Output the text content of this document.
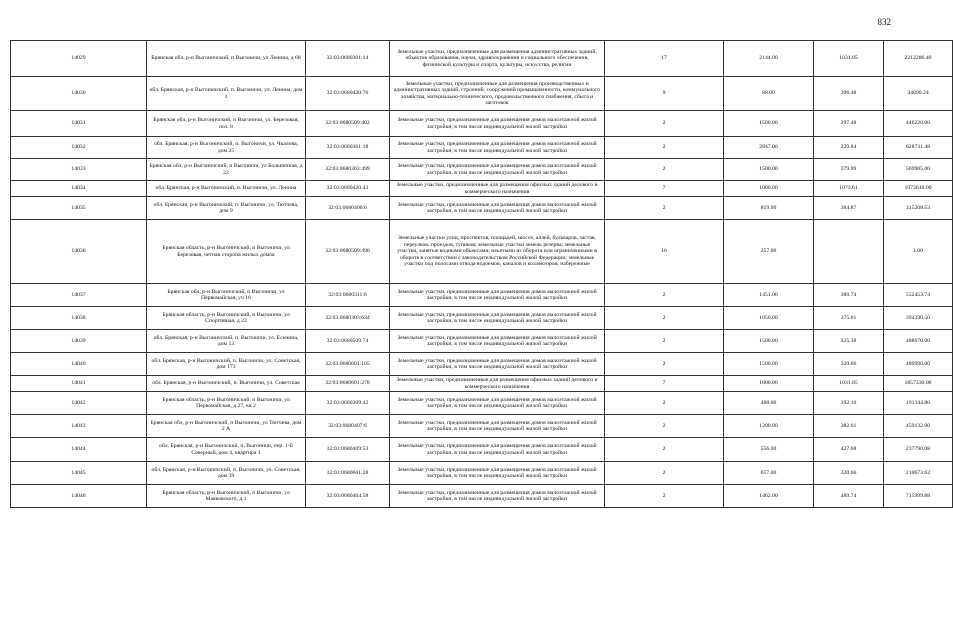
832
14029	Брянская обл, р-н Выгоничский, п Выгоничи, ул Ленина, д 68	32:03:0680301:14	Земельные участки, предназначенные для размещения административных зданий, объектов образования, науки, здравоохранения и социального обеспечения, физической культуры и спорта, культуры, искусства, религии	17	2144.00	1031.85	2212286.40
14030	обл. Брянская, р-н Выгоничский, п. Выгоничи, ул. Ленина, дом 1	32:03:0680420:76	Земельные участки, предназначенные для размещения производственных и административных зданий, строений, сооружений промышленности, коммунального хозяйства, материально-технического, продовольственного снабжения, сбыта и заготовок	9	88.00	396.48	34890.24
14031	Брянская обл, р-н Выгоничский, п Выгоничи, ул. Березовая, поз. 8	32:03:0680509:402	Земельные участки, предназначенные для размещения домов малоэтажной жилой застройки, в том числе индивидуальной жилой застройки	2	1500.00	297.48	446220.00
14032	обл. Брянская, р-н Выгоничский, п. Выгоничи, ул. Чкалова, дом 25	32:03:0680301:18	Земельные участки, предназначенные для размещения домов малоэтажной жилой застройки, в том числе индивидуальной жилой застройки	2	2847.00	220.84	628731.48
14033	Брянская обл, р-н Выгоничский, п Выгоничи, ул Больничная, д 22	32:03:0680303:499	Земельные участки, предназначенные для размещения домов малоэтажной жилой застройки, в том числе индивидуальной жилой застройки	2	1500.00	379.99	569985.00
14034	обл. Брянская, р-н Выгоничский, п. Выгоничи, ул. Ленина	32:03:0680420:43	Земельные участки, предназначенные для размещения офисных зданий делового и коммерческого назначения	7	1000.00	1073.61	1073610.00
14035	обл. Брянская, р-н Выгоничский, п. Выгоничи, ул. Тютчева, дом 9	32:03:0680406:6	Земельные участки, предназначенные для размещения домов малоэтажной жилой застройки, в том числе индивидуальной жилой застройки	2	819.00	384.87	315208.53
14036	Брянская область, р-н Выгоничский, п Выгоничи, ул Березовая, четная сторона жилых домов	32:03:0680509:490	Земельные участки улиц, проспектов, площадей, шоссе, аллей, бульваров, застав, переулков, проездов, тупиков; земельные участки земель резерва; земельные участки, занятые водными объектами, изъятыми из оборота или ограниченными в обороте в соответствии с законодательством Российской Федерации; земельные участки под полосами отвода водоемов, каналов и коллекторов, набережные	16	257.00		1.00
14037	Брянская обл, р-н Выгоничский, п Выгоничи, ул Первомайская, уч 16	32:03:0680311:6	Земельные участки, предназначенные для размещения домов малоэтажной жилой застройки, в том числе индивидуальной жилой застройки	2	1451.00	380.74	552453.74
14038	Брянская область, р-н Выгоничский, п Выгоничи, ул Спортивная, д 22	32:03:0680303:634	Земельные участки, предназначенные для размещения домов малоэтажной жилой застройки, в том числе индивидуальной жилой застройки	2	1050.00	375.61	394390.50
14039	обл. Брянская, р-н Выгоничский, п. Выгоничи, ул. Есенина, дом 13	32:03:0680509:74	Земельные участки, предназначенные для размещения домов малоэтажной жилой застройки, в том числе индивидуальной жилой застройки	2	1500.00	325.38	488070.00
14040	обл. Брянская, р-н Выгоничский, п. Выгоничи, ул. Советская, дом 173	32:03:0680601:105	Земельные участки, предназначенные для размещения домов малоэтажной жилой застройки, в том числе индивидуальной жилой застройки	2	1500.00	320.66	480990.00
14041	обл. Брянская, р-н Выгоничский, п. Выгоничи, ул. Советская	32:03:0680601:278	Земельные участки, предназначенные для размещения офисных зданий делового и коммерческого назначения	7	1800.00	1031.85	1857330.00
14042	Брянская область, р-н Выгоничский, п Выгоничи, ул Первомайская, д 27, кв 2	32:03:0680309:42	Земельные участки, предназначенные для размещения домов малоэтажной жилой застройки, в том числе индивидуальной жилой застройки	2	488.00	392.10	191344.80
14043	Брянская обл, р-н Выгоничский, п Выгоничи, ул Тютчева, дом 2 А	32:03:0680407:6	Земельные участки, предназначенные для размещения домов малоэтажной жилой застройки, в том числе индивидуальной жилой застройки	2	1200.00	382.61	459132.00
14044	обл. Брянская, р-н Выгоничский, п. Выгоничи, пер. 1-й Северный, дом 4, квартира 1	32:03:0680409:53	Земельные участки, предназначенные для размещения домов малоэтажной жилой застройки, в том числе индивидуальной жилой застройки	2	556.00	427.68	237790.08
14045	обл. Брянская, р-н Выгоничский, п. Выгоничи, ул. Советская, дом 39	32:03:0680601:28	Земельные участки, предназначенные для размещения домов малоэтажной жилой застройки, в том числе индивидуальной жилой застройки	2	657.00	320.66	210673.62
14046	Брянская область, р-н Выгоничский, п Выгоничи, ул Маяковского, д 1	32:03:0680404:58	Земельные участки, предназначенные для размещения домов малоэтажной жилой застройки, в том числе индивидуальной жилой застройки	2	1462.00	489.74	715999.88
